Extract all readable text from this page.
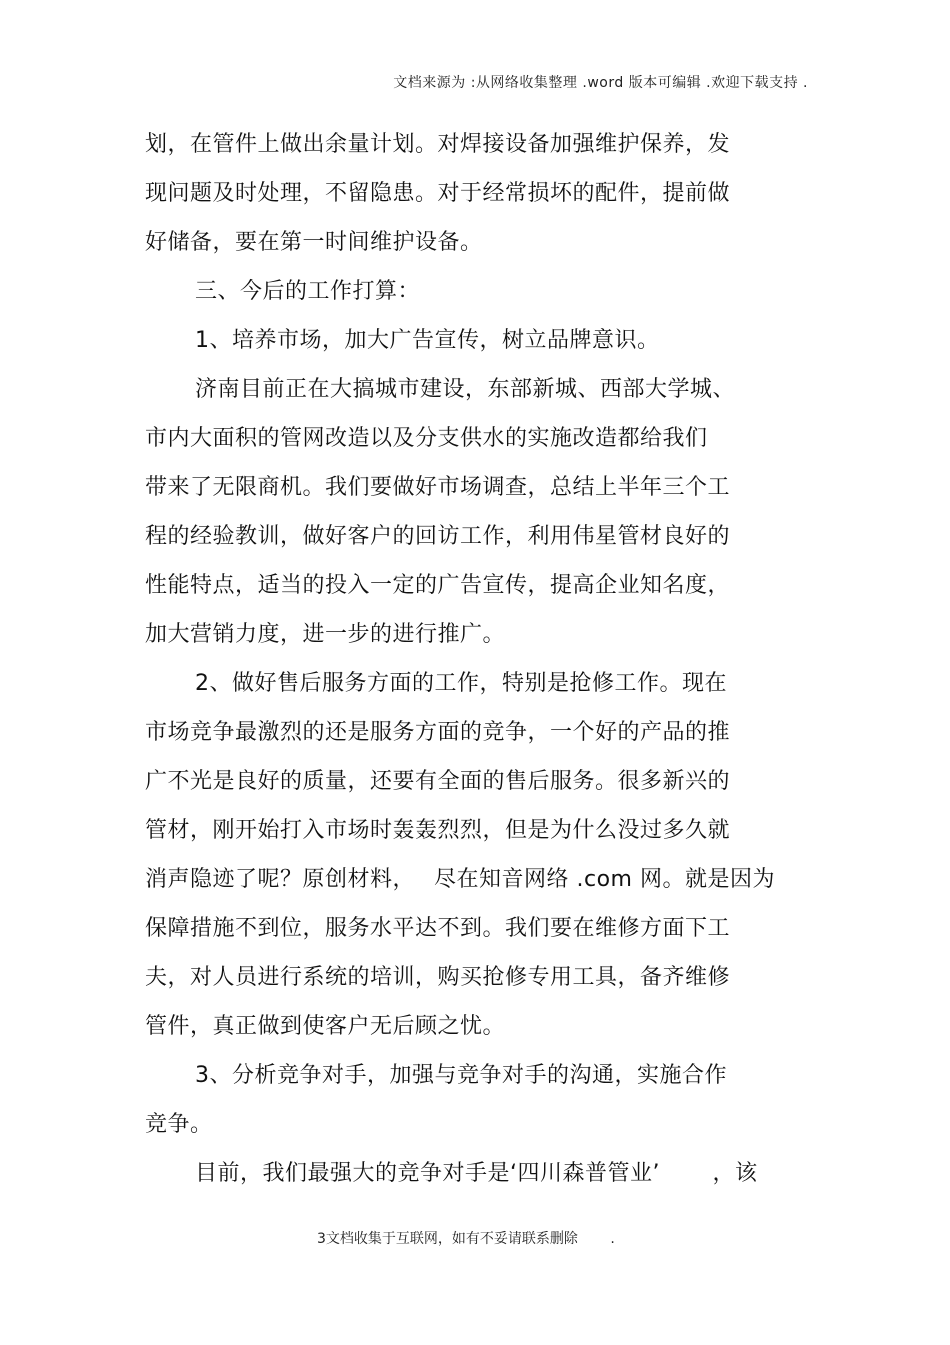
文档来源为 :从网络收集整理 .word 版本可编辑 .欢迎下载支持 .
划，在管件上做出余量计划。对焊接设备加强维护保养，发
现问题及时处理，不留隐患。对于经常损坏的配件，提前做
好储备，要在第一时间维护设备。
三、今后的工作打算：
1、培养市场，加大广告宣传，树立品牌意识。
济南目前正在大搞城市建设，东部新城、西部大学城、
市内大面积的管网改造以及分支供水的实施改造都给我们
带来了无限商机。我们要做好市场调查，总结上半年三个工
程的经验教训，做好客户的回访工作，利用伟星管材良好的
性能特点，适当的投入一定的广告宣传，提高企业知名度，
加大营销力度，进一步的进行推广。
2、做好售后服务方面的工作，特别是抢修工作。现在
市场竞争最激烈的还是服务方面的竞争，一个好的产品的推
广不光是良好的质量，还要有全面的售后服务。很多新兴的
管材，刚开始打入市场时轰轰烈烈，但是为什么没过多久就
消声隐迹了呢？原创材料，　 尽在知音网络 .com 网。就是因为
保障措施不到位，服务水平达不到。我们要在维修方面下工
夫，对人员进行系统的培训，购买抢修专用工具，备齐维修
管件，真正做到使客户无后顾之忧。
3、分析竞争对手，加强与竞争对手的沟通，实施合作
竞争。
目前，我们最强大的竞争对手是‘四川森普管业’　　 ，该
3文档收集于互联网，如有不妥请联系删除　　 .
